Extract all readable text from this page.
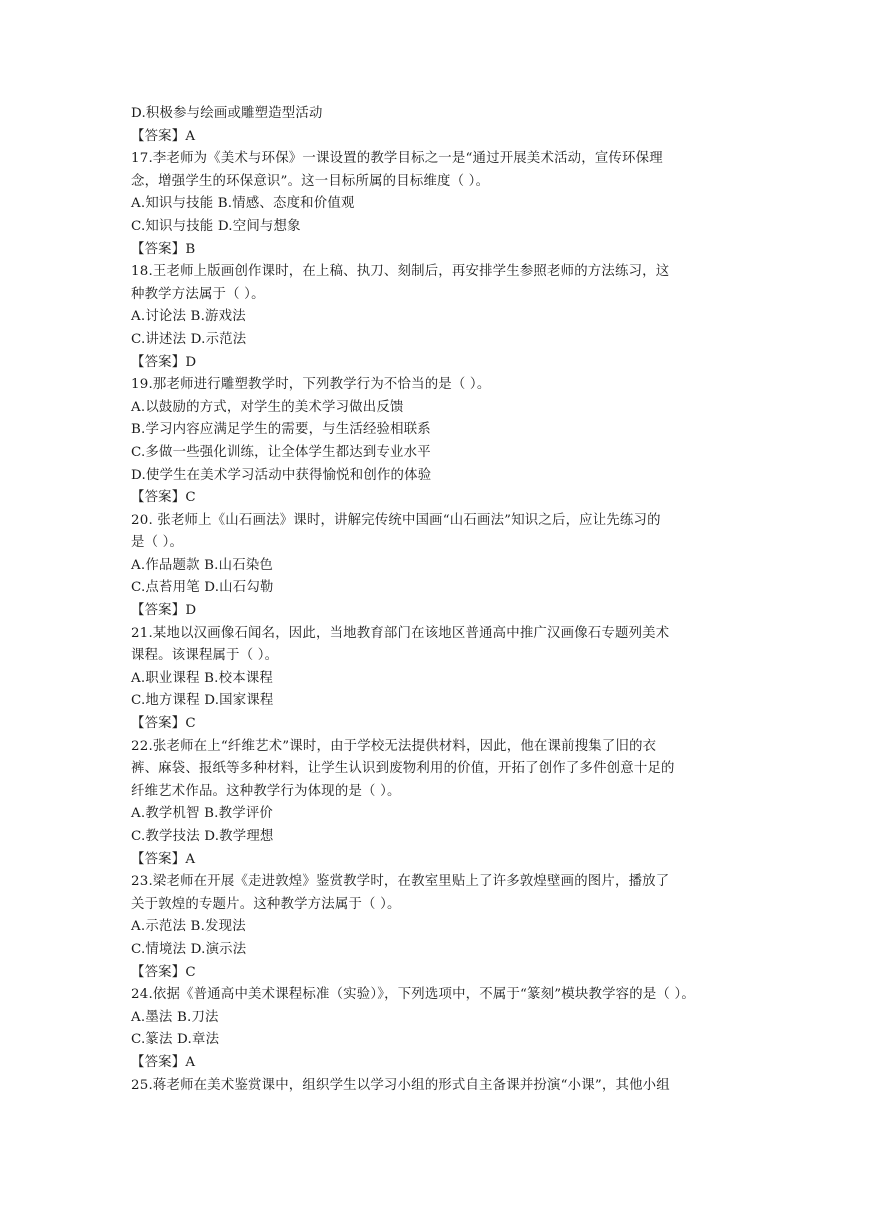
D.积极参与绘画或雕塑造型活动
【答案】A
17.李老师为《美术与环保》一课设置的教学目标之一是“通过开展美术活动，宣传环保理
念，增强学生的环保意识”。这一目标所属的目标维度（ ）。
A.知识与技能 B.情感、态度和价值观
C.知识与技能 D.空间与想象
【答案】B
18.王老师上版画创作课时，在上稿、执刀、刻制后，再安排学生参照老师的方法练习，这
种教学方法属于（ ）。
A.讨论法 B.游戏法
C.讲述法 D.示范法
【答案】D
19.那老师进行雕塑教学时，下列教学行为不恰当的是（ ）。
A.以鼓励的方式，对学生的美术学习做出反馈
B.学习内容应满足学生的需要，与生活经验相联系
C.多做一些强化训练，让全体学生都达到专业水平
D.使学生在美术学习活动中获得愉悦和创作的体验
【答案】C
20. 张老师上《山石画法》课时，讲解完传统中国画“山石画法”知识之后，应让先练习的
是（ ）。
A.作品题款 B.山石染色
C.点苔用笔 D.山石勾勒
【答案】D
21.某地以汉画像石闻名，因此，当地教育部门在该地区普通高中推广汉画像石专题列美术
课程。该课程属于（ ）。
A.职业课程 B.校本课程
C.地方课程 D.国家课程
【答案】C
22.张老师在上“纤维艺术”课时，由于学校无法提供材料，因此，他在课前搜集了旧的衣
裤、麻袋、报纸等多种材料，让学生认识到废物利用的价值，开拓了创作了多件创意十足的
纤维艺术作品。这种教学行为体现的是（ ）。
A.教学机智 B.教学评价
C.教学技法 D.教学理想
【答案】A
23.梁老师在开展《走进敦煌》鉴赏教学时，在教室里贴上了许多敦煌壁画的图片，播放了
关于敦煌的专题片。这种教学方法属于（ ）。
A.示范法 B.发现法
C.情境法 D.演示法
【答案】C
24.依据《普通高中美术课程标准（实验）》，下列选项中，不属于“篆刻”模块教学容的是（ ）。
A.墨法 B.刀法
C.篆法 D.章法
【答案】A
25.蒋老师在美术鉴赏课中，组织学生以学习小组的形式自主备课并扮演“小课”，其他小组
